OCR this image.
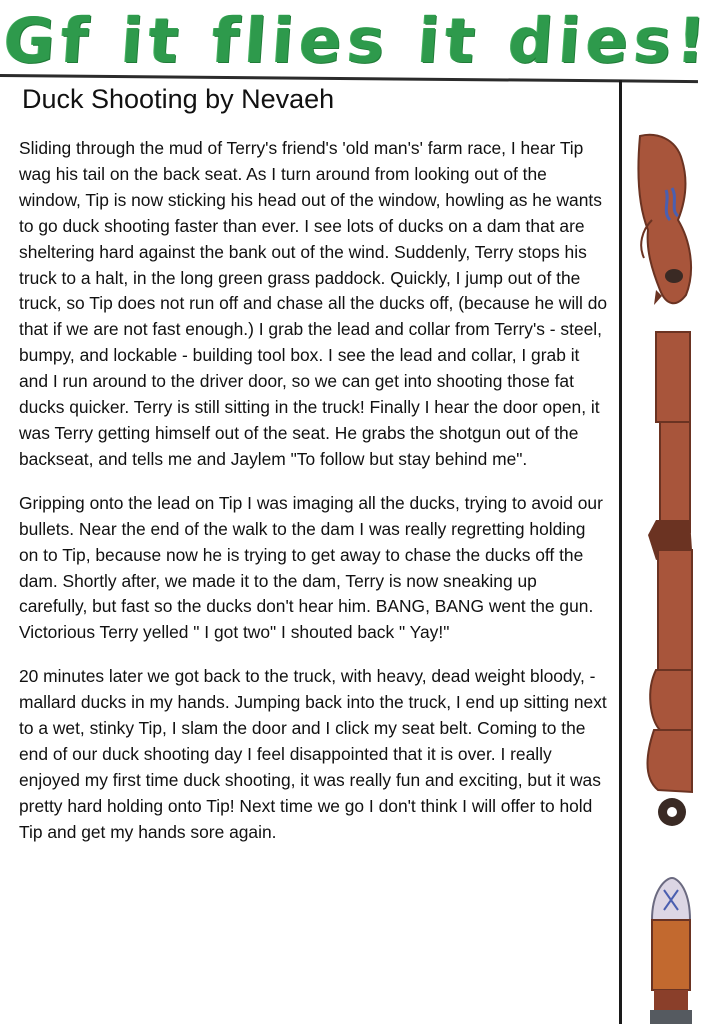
Gf it flies it dies!
Duck Shooting by Nevaeh

Sliding through the mud of Terry's friend's 'old man's' farm race, I hear Tip wag his tail on the back seat. As I turn around from looking out of the window, Tip is now sticking his head out of the window, howling as he wants to go duck shooting faster than ever. I see lots of ducks on a dam that are sheltering hard against the bank out of the wind. Suddenly, Terry stops his truck to a halt, in the long green grass paddock. Quickly, I jump out of the truck, so Tip does not run off and chase all the ducks off, (because he will do that if we are not fast enough.) I grab the lead and collar from Terry's - steel, bumpy, and lockable - building tool box. I see the lead and collar, I grab it and I run around to the driver door, so we can get into shooting those fat ducks quicker. Terry is still sitting in the truck! Finally I hear the door open, it was Terry getting himself out of the seat. He grabs the shotgun out of the backseat, and tells me and Jaylem "To follow but stay behind me".

Gripping onto the lead on Tip I was imaging all the ducks, trying to avoid our bullets. Near the end of the walk to the dam I was really regretting holding on to Tip, because now he is trying to get away to chase the ducks off the dam. Shortly after, we made it to the dam, Terry is now sneaking up carefully, but fast so the ducks don't hear him. BANG, BANG went the gun. Victorious Terry yelled " I got two" I shouted back " Yay!"

20 minutes later we got back to the truck, with heavy, dead weight bloody, - mallard ducks in my hands. Jumping back into the truck, I end up sitting next to a wet, stinky Tip, I slam the door and I click my seat belt. Coming to the end of our duck shooting day I feel disappointed that it is over. I really enjoyed my first time duck shooting, it was really fun and exciting, but it was pretty hard holding onto Tip! Next time we go I don't think I will offer to hold Tip and get my hands sore again.
